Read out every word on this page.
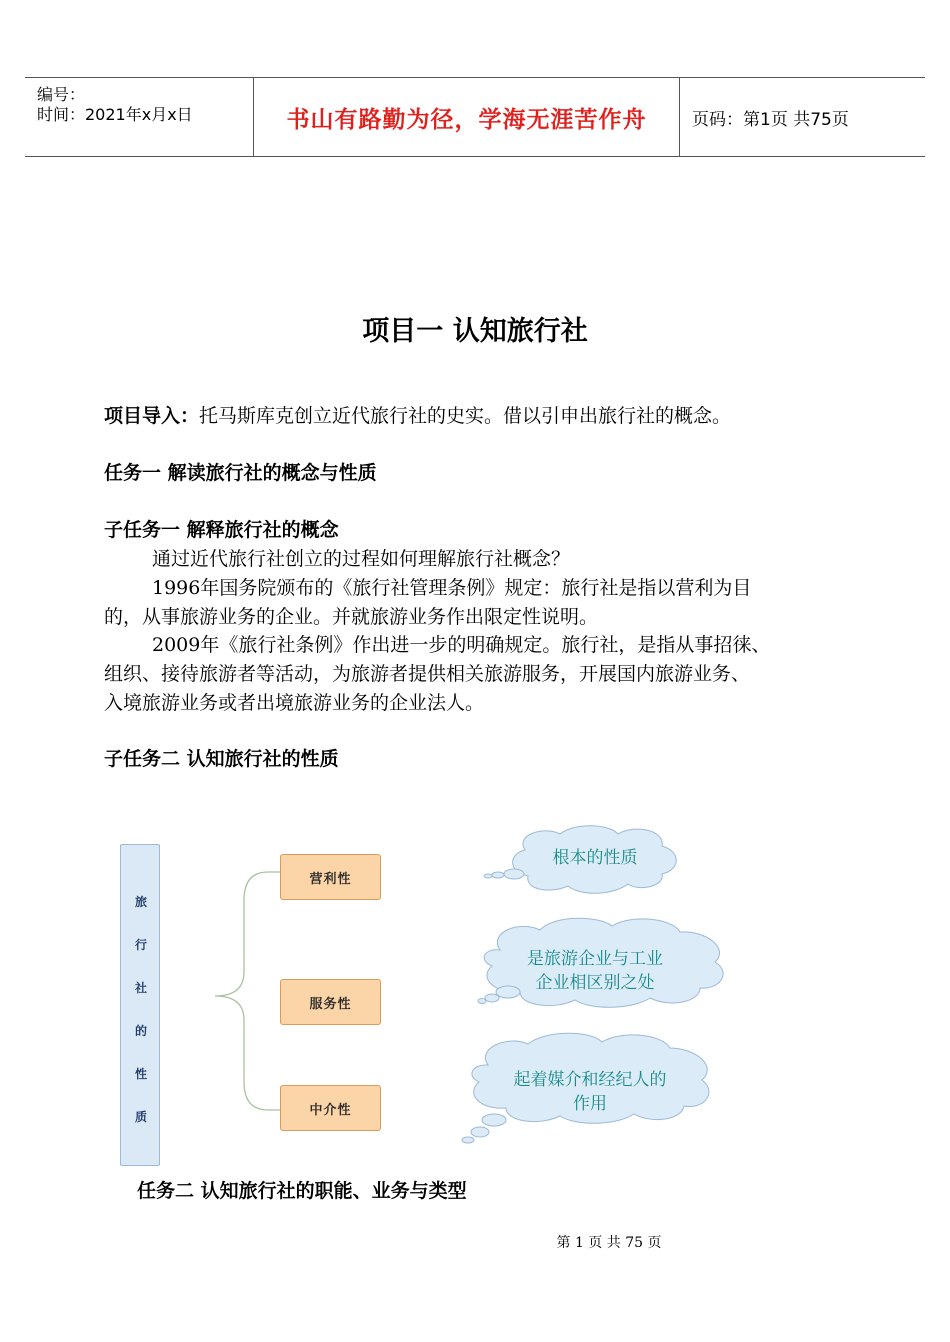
编号：
时间：2021年x月x日	书山有路勤为径，学海无涯苦作舟	页码：第1页 共75页
项目一 认知旅行社
项目导入：托马斯库克创立近代旅行社的史实。借以引申出旅行社的概念。
任务一 解读旅行社的概念与性质
子任务一 解释旅行社的概念
通过近代旅行社创立的过程如何理解旅行社概念？
1996年国务院颁布的《旅行社管理条例》规定：旅行社是指以营利为目
的，从事旅游业务的企业。并就旅游业务作出限定性说明。
2009年《旅行社条例》作出进一步的明确规定。旅行社，是指从事招徕、
组织、接待旅游者等活动，为旅游者提供相关旅游服务，开展国内旅游业务、
入境旅游业务或者出境旅游业务的企业法人。
子任务二 认知旅行社的性质
旅
行
社
的
性
质
营利性
服务性
中介性
根本的性质
是旅游企业与工业
企业相区别之处
起着媒介和经纪人的
作用
任务二 认知旅行社的职能、业务与类型
第 1 页 共 75 页
